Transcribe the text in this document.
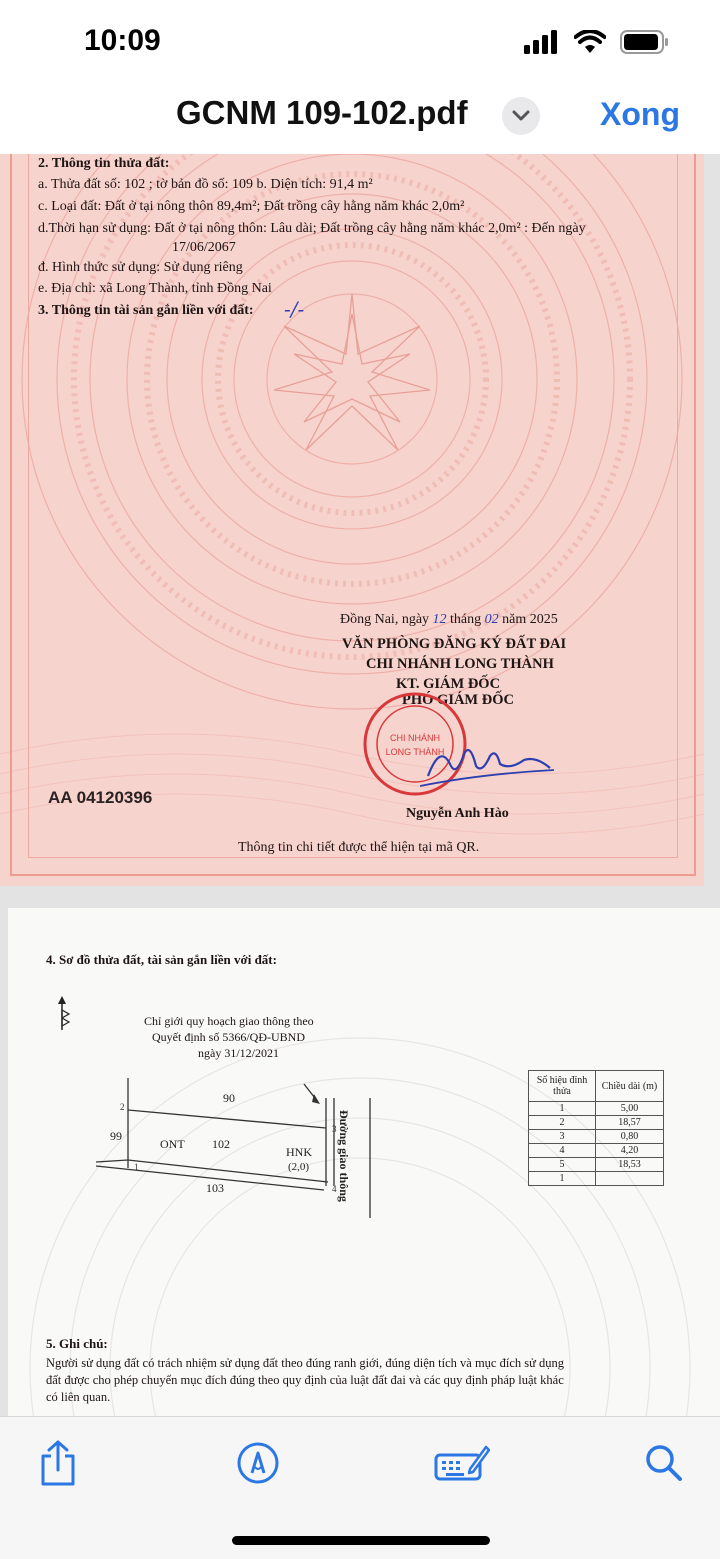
10:09
GCNM 109-102.pdf	Xong
2. Thông tin thửa đất:
a. Thửa đất số: 102 ; tờ bản đồ số: 109 b. Diện tích: 91,4 m²
c. Loại đất: Đất ở tại nông thôn 89,4m²; Đất trồng cây hằng năm khác 2,0m²
d.Thời hạn sử dụng: Đất ở tại nông thôn: Lâu dài; Đất trồng cây hằng năm khác 2,0m² : Đến ngày
17/06/2067
đ. Hình thức sử dụng: Sử dụng riêng
e. Địa chỉ: xã Long Thành, tỉnh Đồng Nai
3. Thông tin tài sản gắn liền với đất: -/-
Đồng Nai, ngày 12 tháng 02 năm 2025
VĂN PHÒNG ĐĂNG KÝ ĐẤT ĐAI
CHI NHÁNH LONG THÀNH
KT. GIÁM ĐỐC
PHÓ GIÁM ĐỐC
CHI NHÁNH
LONG THÀNH
AA 04120396
Nguyễn Anh Hào
Thông tin chi tiết được thể hiện tại mã QR.
4. Sơ đồ thửa đất, tài sản gắn liền với đất:
Chỉ giới quy hoạch giao thông theo
Quyết định số 5366/QĐ-UBND
ngày 31/12/2021
2
3
1
4
90
99
ONT 102
HNK
(2,0)
103	Đường giao thông
Số hiệu đỉnh thửa	Chiều dài (m)
1	5,00
2	18,57
3	0,80
4	4,20
5	18,53
1	
5. Ghi chú:
Người sử dụng đất có trách nhiệm sử dụng đất theo đúng ranh giới, đúng diện tích và mục đích sử dụng
đất được cho phép chuyển mục đích đúng theo quy định của luật đất đai và các quy định pháp luật khác
có liên quan.
